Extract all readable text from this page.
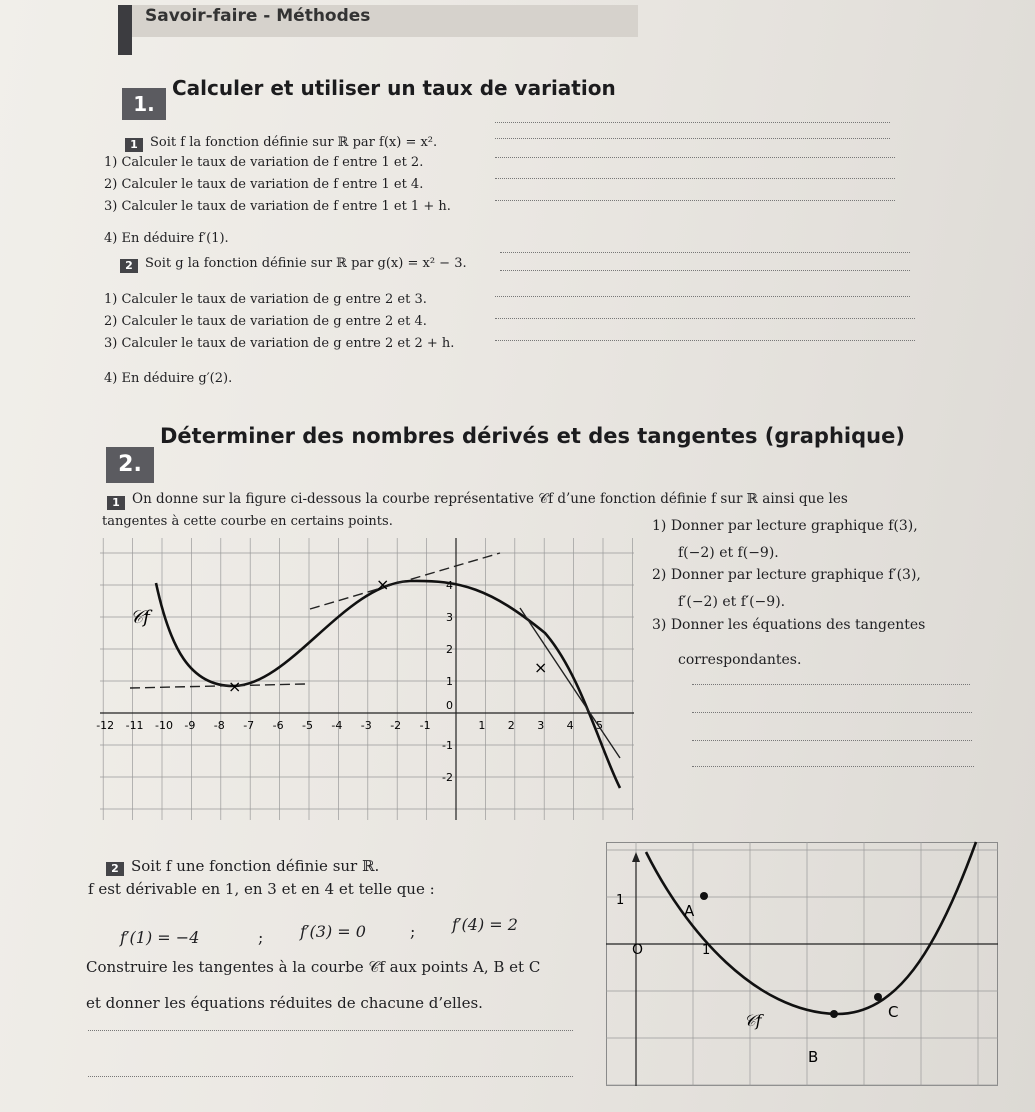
Savoir-faire - Méthodes
1.
Calculer et utiliser un taux de variation
1 Soit f la fonction définie sur ℝ par f(x) = x².
1) Calculer le taux de variation de f entre 1 et 2.
2) Calculer le taux de variation de f entre 1 et 4.
3) Calculer le taux de variation de f entre 1 et 1 + h.
4) En déduire f′(1).
2 Soit g la fonction définie sur ℝ par g(x) = x² − 3.
1) Calculer le taux de variation de g entre 2 et 3.
2) Calculer le taux de variation de g entre 2 et 4.
3) Calculer le taux de variation de g entre 2 et 2 + h.
4) En déduire g′(2).
2.
Déterminer des nombres dérivés et des tangentes (graphique)
1 On donne sur la figure ci-dessous la courbe représentative 𝒞f d’une fonction définie f sur ℝ ainsi que les
tangentes à cette courbe en certains points.	1) Donner par lecture graphique f(3),
f(−2) et f(−9).
2) Donner par lecture graphique f′(3),
f′(−2) et f′(−9).
3) Donner les équations des tangentes
correspondantes.
-12 -11 -10 -9 -8 -7 -6 -5 -4 -3 -2 -1	1 2 3 4 5
4
3
2
1
0
-1
-2
×
×
×
𝒞f
2 Soit f une fonction définie sur ℝ.
f est dérivable en 1, en 3 et en 4 et telle que :
f′(1) = −4	; f′(3) = 0	; f′(4) = 2
Construire les tangentes à la courbe 𝒞f aux points A, B et C
et donner les équations réduites de chacune d’elles.
1
O	1
A
B
C
𝒞f
